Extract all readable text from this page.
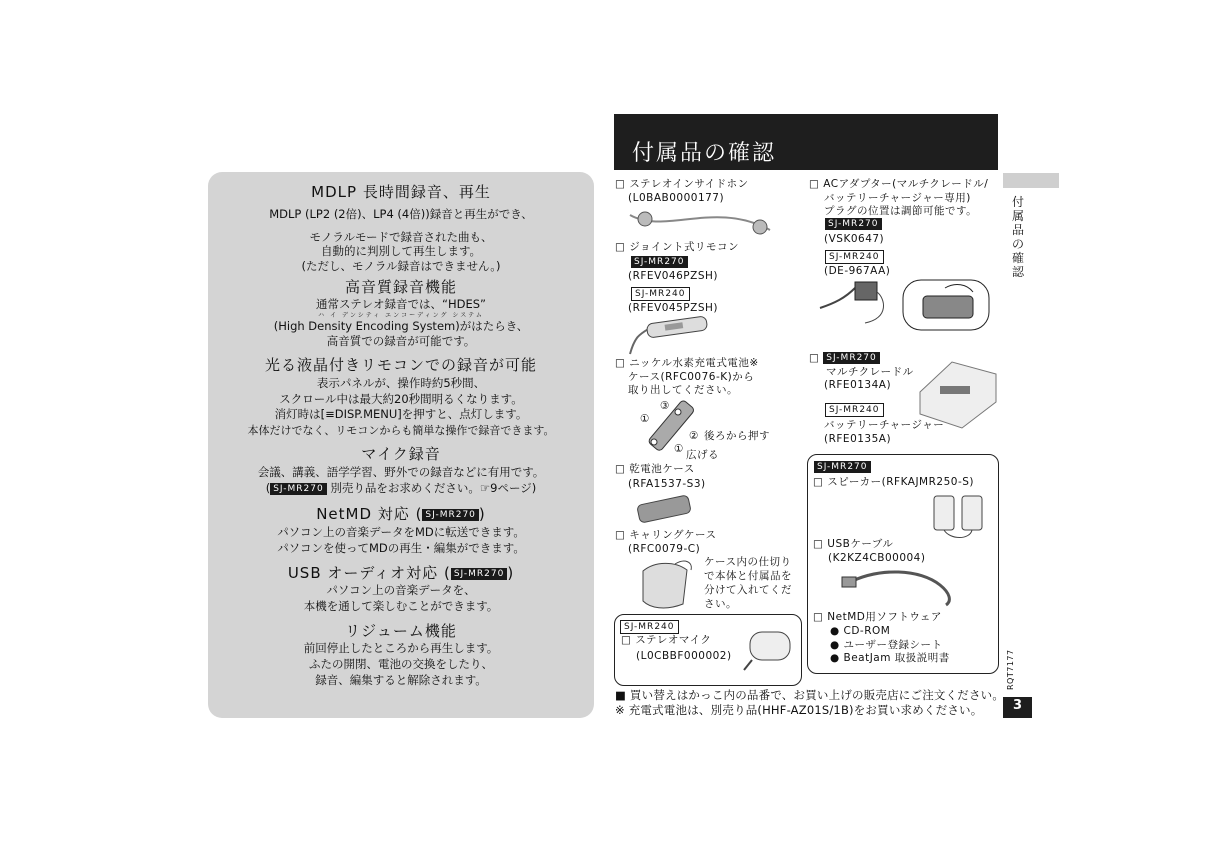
MDLP 長時間録音、再生
MDLP (LP2 (2倍)、LP4 (4倍))録音と再生ができ、
モノラルモードで録音された曲も、
自動的に判別して再生します。
(ただし、モノラル録音はできません。)
高音質録音機能
通常ステレオ録音では、“HDES”
ハ イ デンシティ エンコーディング システム
(High Density Encoding System)がはたらき、
高音質での録音が可能です。
光る液晶付きリモコンでの録音が可能
表示パネルが、操作時約5秒間、
スクロール中は最大約20秒間明るくなります。
消灯時は[≡DISP.MENU]を押すと、点灯します。
本体だけでなく、リモコンからも簡単な操作で録音できます。
マイク録音
会議、講義、語学学習、野外での録音などに有用です。
( SJ-MR270 別売り品をお求めください。☞9ページ)
NetMD 対応 ( SJ-MR270 )
パソコン上の音楽データをMDに転送できます。
パソコンを使ってMDの再生・編集ができます。
USB オーディオ対応 ( SJ-MR270 )
パソコン上の音楽データを、
本機を通して楽しむことができます。
リジューム機能
前回停止したところから再生します。
ふたの開閉、電池の交換をしたり、
録音、編集すると解除されます。
付属品の確認
付属品の確認
RQT7177
3
□ ステレオインサイドホン
(L0BAB0000177)
□ ジョイント式リモコン
SJ-MR270
(RFEV046PZSH)
SJ-MR240
(RFEV045PZSH)
□ ニッケル水素充電式電池※
ケース(RFC0076-K)から
取り出してください。
①
③
② 後ろから押す
① 広げる
□ 乾電池ケース
(RFA1537-S3)
□ キャリングケース
(RFC0079-C)
ケース内の仕切り
で本体と付属品を
分けて入れてくだ
さい。
SJ-MR240
□ ステレオマイク
(L0CBBF000002)
□ ACアダプター(マルチクレードル/
バッテリーチャージャー専用)
プラグの位置は調節可能です。
SJ-MR270
(VSK0647)
SJ-MR240
(DE-967AA)
□ SJ-MR270
マルチクレードル
(RFE0134A)
SJ-MR240
バッテリーチャージャー
(RFE0135A)
SJ-MR270
□ スピーカー(RFKAJMR250-S)
□ USBケーブル
(K2KZ4CB00004)
□ NetMD用ソフトウェア
● CD-ROM
● ユーザー登録シート
● BeatJam 取扱説明書
■ 買い替えはかっこ内の品番で、お買い上げの販売店にご注文ください。
※ 充電式電池は、別売り品(HHF-AZ01S/1B)をお買い求めください。
